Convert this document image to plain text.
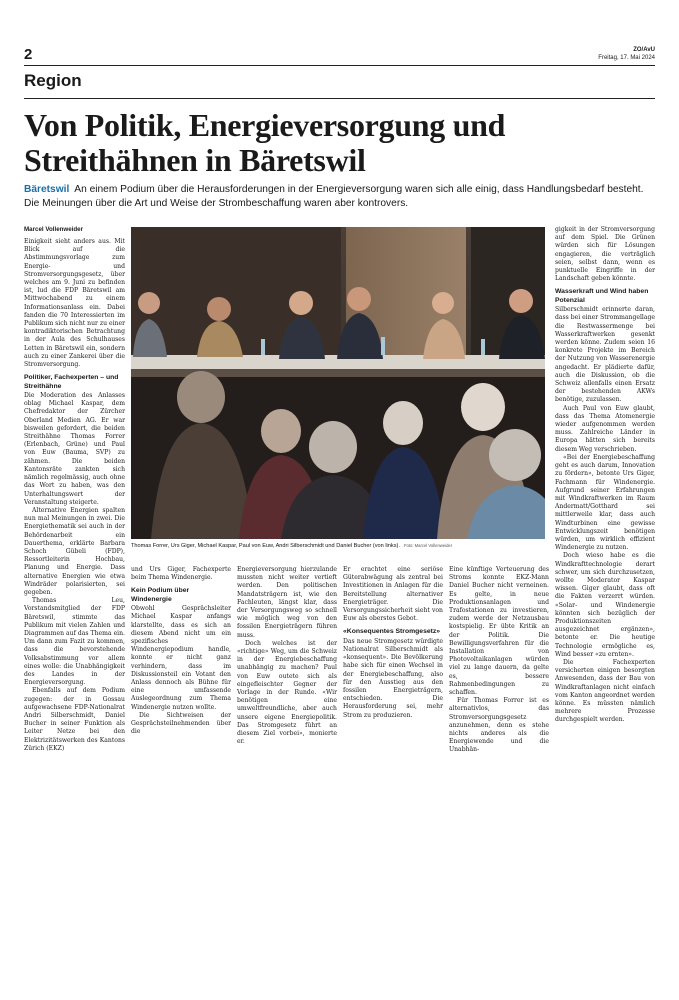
2	ZO/AvU
Freitag, 17. Mai 2024
Region
Von Politik, Energieversorgung und
Streithähnen in Bäretswil
Bäretswil An einem Podium über die Herausforderungen in der Energieversorgung waren sich alle einig, dass Handlungsbedarf besteht. Die Meinungen über die Art und Weise der Strombeschaffung waren aber kontrovers.
Marcel Vollenweider

Einigkeit sieht anders aus. Mit Blick auf die Abstimmungsvorlage zum Energie- und Stromversorgungsgesetz, über welches am 9. Juni zu befinden ist, lud die FDP Bäretswil am Mittwochabend zu einem Informationsanlass ein. Dabei fanden die 70 Interessierten im Publikum sich nicht nur zu einer kontradiktorischen Betrachtung in der Aula des Schulhauses Letten in Bäretswil ein, sondern auch zu einer Zankerei über die Stromversorgung.

Politiker, Fachexperten – und Streithähne

Die Moderation des Anlasses oblag Michael Kaspar, dem Chefredaktor der Zürcher Oberland Medien AG. Er war bisweilen gefordert, die beiden Streithähne Thomas Forrer (Erlenbach, Grüne) und Paul von Euw (Bauma, SVP) zu zähmen. Die beiden Kantonsräte zankten sich nämlich regelmässig, auch ohne das Wort zu haben, was den Unterhaltungswert der Veranstaltung steigerte.

Alternative Energien spalten nun mal Meinungen in zwei. Die Energiethematik sei auch in der Behördenarbeit ein Dauerthema, erklärte Barbara Schoch Gübeli (FDP), Ressortleiterin Hochbau, Planung und Energie. Dass alternative Energien wie etwa Windräder polarisierten, sei gegeben.

Thomas Leu, Vorstandsmitglied der FDP Bäretswil, stimmte das Publikum mit vielen Zahlen und Diagrammen auf das Thema ein. Um dann zum Fazit zu kommen, dass die bevorstehende Volksabstimmung vor allem eines wolle: die Unabhängigkeit des Landes in der Energieversorgung.

Ebenfalls auf dem Podium zugegen: der in Gossau aufgewachsene FDP-Nationalrat Andri Silberschmidt, Daniel Bucher in seiner Funktion als Leiter Netze bei den Elektrizitätswerken des Kantons Zürich (EKZ)

und Urs Giger, Fachexperte beim Thema Windenergie.

Kein Podium über Windenergie

Obwohl Gesprächsleiter Michael Kaspar anfangs klarstellte, dass es sich an diesem Abend nicht um ein spezifisches Windenergiepodium handle, konnte er nicht ganz verhindern, dass im Diskussionsteil ein Votant den Anlass dennoch als Bühne für eine umfassende Auslegeordnung zum Thema Windenergie nutzen wollte.

Die Sichtweisen der Gesprächsteilnehmenden über die

Energieversorgung hierzulande mussten nicht weiter vertieft werden. Den politischen Mandatsträgern ist, wie den Fachleuten, längst klar, dass der Versorgungsweg so schnell wie möglich weg von den fossilen Energieträgern führen muss.

Doch welches ist der «richtige» Weg, um die Schweiz in der Energiebeschaffung unabhängig zu machen? Paul von Euw outete sich als eingefleischter Gegner der Vorlage in der Runde. «Wir benötigen eine umweltfreundliche, aber auch unsere eigene Energiepolitik. Das Stromgesetz führt an diesem Ziel vorbei», monierte er.

Er erachtet eine seriöse Güterabwägung als zentral bei Investitionen in Anlagen für die Bereitstellung alternativer Energieträger. Die Versorgungssicherheit sieht von Euw als oberstes Gebot.

«Konsequentes Stromgesetz»

Das neue Stromgesetz würdigte Nationalrat Silberschmidt als «konsequent». Die Bevölkerung habe sich für einen Wechsel in der Energiebeschaffung, also für den Ausstieg aus den fossilen Energieträgern, entschieden. Die Herausforderung sei, mehr Strom zu produzieren.

Eine künftige Verteuerung des Stroms konnte EKZ-Mann Daniel Bucher nicht verneinen. Es gelte, in neue Produktionsanlagen und Trafostationen zu investieren, zudem werde der Netzausbau kostspielig. Er übte Kritik an der Politik. Die Bewilligungsverfahren für die Installation von Photovoltaikanlagen würden viel zu lange dauern, da gelte es, bessere Rahmenbedingungen zu schaffen.

Für Thomas Forrer ist es alternativlos, das Stromversorgungsgesetz anzunehmen, denn es stehe nichts anderes als die Energiewende und die Unabhän-

gigkeit in der Stromversorgung auf dem Spiel. Die Grünen würden sich für Lösungen engagieren, die verträglich seien, selbst dann, wenn es punktuelle Eingriffe in der Landschaft geben könnte.

Wasserkraft und Wind haben Potenzial

Silberschmidt erinnerte daran, dass bei einer Strommangellage die Restwassermenge bei Wasserkraftwerken gesenkt werden könne. Zudem seien 16 konkrete Projekte im Bereich der Nutzung von Wasserenergie angedacht. Er plädierte dafür, auch die Diskussion, ob die Schweiz allenfalls einen Ersatz der bestehenden AKWs benötige, zuzulassen.

Auch Paul von Euw glaubt, dass das Thema Atomenergie wieder aufgenommen werden muss. Zahlreiche Länder in Europa hätten sich bereits diesem Weg verschrieben.

«Bei der Energiebeschaffung geht es auch darum, Innovation zu fördern», betonte Urs Giger, Fachmann für Windenergie. Aufgrund seiner Erfahrungen mit Windkraftwerken im Raum Andermatt/Gotthard sei mittlerweile klar, dass auch Windturbinen eine gewisse Entwicklungszeit benötigen würden, um wirklich effizient Windenergie zu nutzen.

Doch wieso habe es die Windkrafttechnologie derart schwer, um sich durchzusetzen, wollte Moderator Kaspar wissen. Giger glaubt, dass oft die Fakten verzerrt würden. «Solar- und Windenergie könnten sich bezüglich der Produktionszeiten ausgezeichnet ergänzen», betonte er. Die heutige Technologie ermögliche es, Wind besser «zu ernten».

Die Fachexperten versicherten einigen besorgten Anwesenden, dass der Bau von Windkraftanlagen nicht einfach vom Kanton angeordnet werden könne. Es müssten nämlich mehrere Prozesse durchgespielt werden.

Thomas Forrer, Urs Giger, Michael Kaspar, Paul von Euw, Andri Silberschmidt und Daniel Bucher (von links). Foto: Marcel Vollenweider
